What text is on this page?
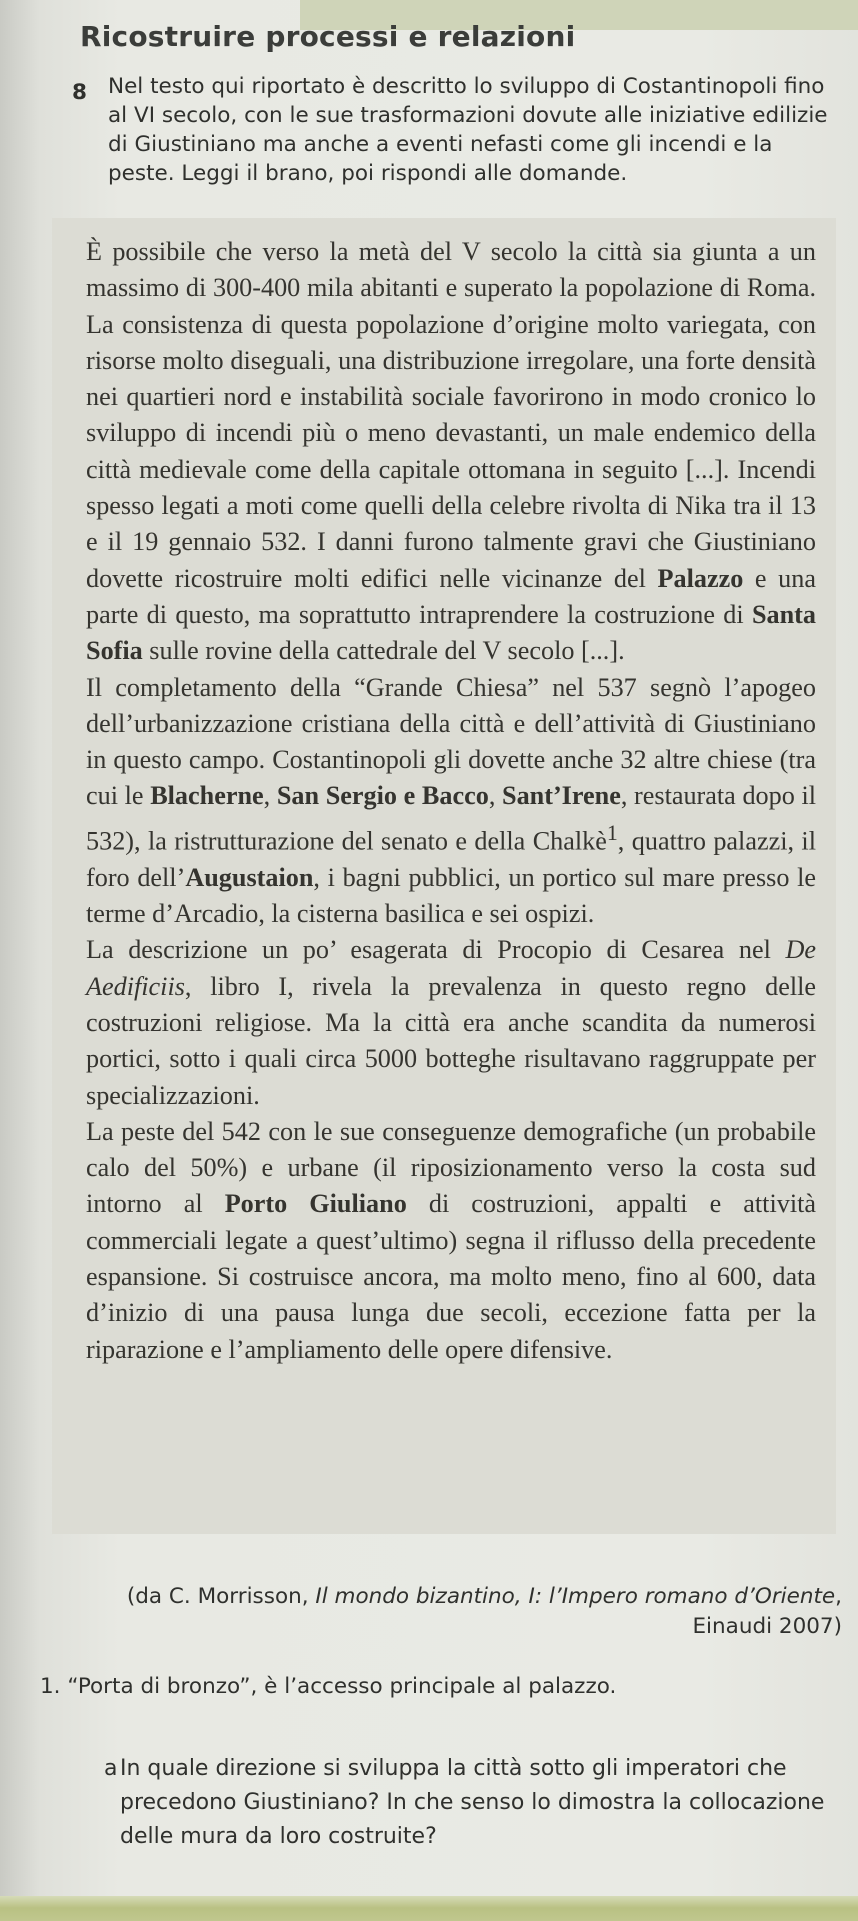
Ricostruire processi e relazioni
8 Nel testo qui riportato è descritto lo sviluppo di Costantinopoli fino al VI secolo, con le sue trasformazioni dovute alle iniziative edilizie di Giustiniano ma anche a eventi nefasti come gli incendi e la peste. Leggi il brano, poi rispondi alle domande.

È possibile che verso la metà del V secolo la città sia giunta a un massimo di 300-400 mila abitanti e superato la popolazione di Roma. La consistenza di questa popolazione d’origine molto variegata, con risorse molto diseguali, una distribuzione irregolare, una forte densità nei quartieri nord e instabilità sociale favorirono in modo cronico lo sviluppo di incendi più o meno devastanti, un male endemico della città medievale come della capitale ottomana in seguito [...]. Incendi spesso legati a moti come quelli della celebre rivolta di Nika tra il 13 e il 19 gennaio 532. I danni furono talmente gravi che Giustiniano dovette ricostruire molti edifici nelle vicinanze del Palazzo e una parte di questo, ma soprattutto intraprendere la costruzione di Santa Sofia sulle rovine della cattedrale del V secolo [...].

Il completamento della “Grande Chiesa” nel 537 segnò l’apogeo dell’urbanizzazione cristiana della città e dell’attività di Giustiniano in questo campo. Costantinopoli gli dovette anche 32 altre chiese (tra cui le Blacherne, San Sergio e Bacco, Sant’Irene, restaurata dopo il 532), la ristrutturazione del senato e della Chalkè$^1$, quattro palazzi, il foro dell’Augustaion, i bagni pubblici, un portico sul mare presso le terme d’Arcadio, la cisterna basilica e sei ospizi.

La descrizione un po’ esagerata di Procopio di Cesarea nel De Aedificiis, libro I, rivela la prevalenza in questo regno delle costruzioni religiose. Ma la città era anche scandita da numerosi portici, sotto i quali circa 5000 botteghe risultavano raggruppate per specializzazioni.

La peste del 542 con le sue conseguenze demografiche (un probabile calo del 50%) e urbane (il riposizionamento verso la costa sud intorno al Porto Giuliano di costruzioni, appalti e attività commerciali legate a quest’ultimo) segna il riflusso della precedente espansione. Si costruisce ancora, ma molto meno, fino al 600, data d’inizio di una pausa lunga due secoli, eccezione fatta per la riparazione e l’ampliamento delle opere difensive.

(da C. Morrisson, Il mondo bizantino, I: l’Impero romano d’Oriente, Einaudi 2007)
1. “Porta di bronzo”, è l’accesso principale al palazzo.
a In quale direzione si sviluppa la città sotto gli imperatori che precedono Giustiniano? In che senso lo dimostra la collocazione delle mura da loro costruite?
